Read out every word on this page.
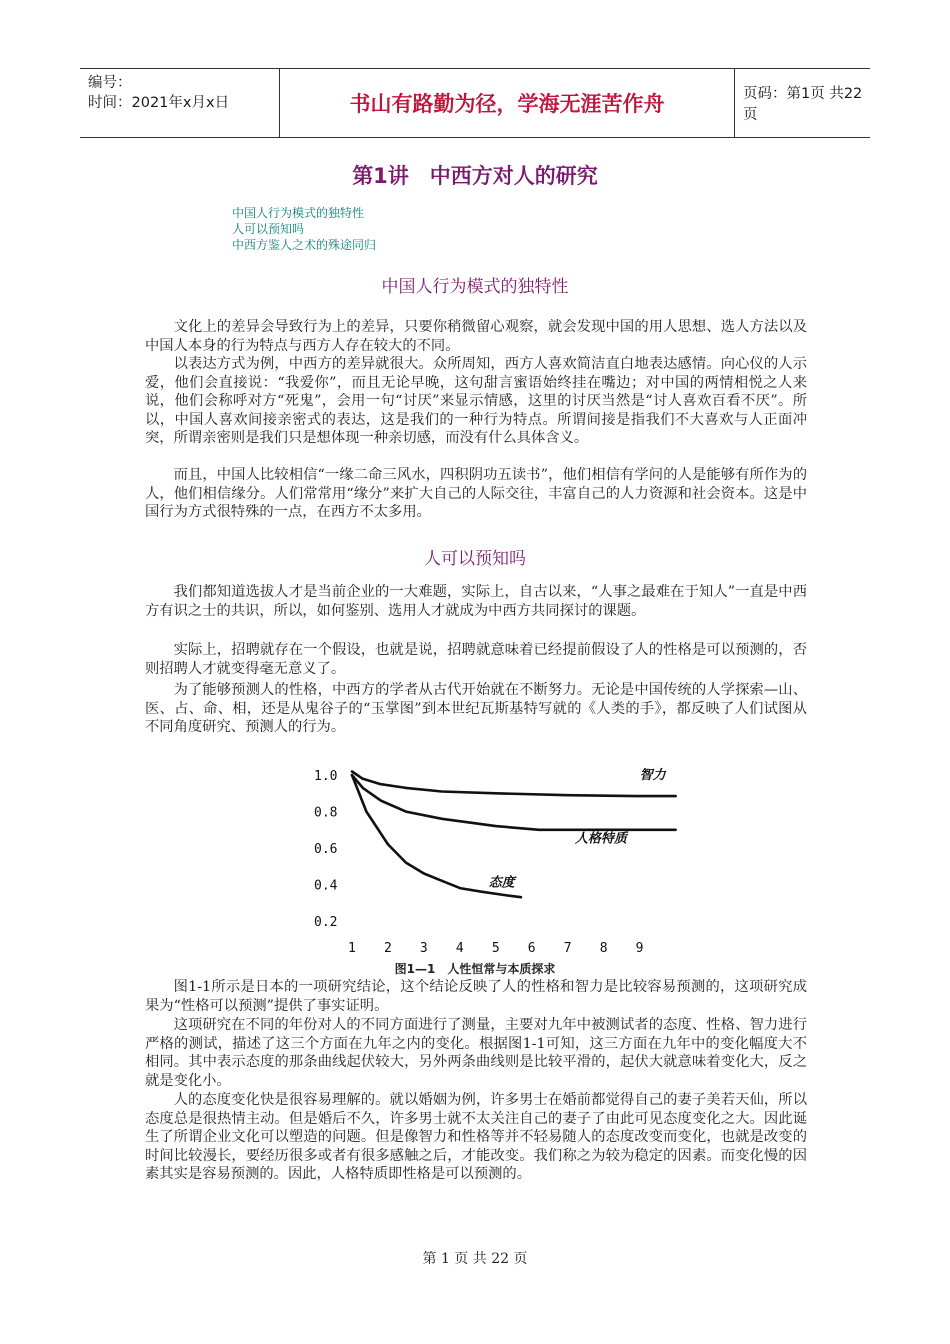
编号：
时间：2021年x月x日	书山有路勤为径，学海无涯苦作舟	页码：第1页 共22页
第1讲　中西方对人的研究
中国人行为模式的独特性
人可以预知吗
中西方鉴人之术的殊途同归
中国人行为模式的独特性
文化上的差异会导致行为上的差异，只要你稍微留心观察，就会发现中国的用人思想、选人方法以及中国人本身的行为特点与西方人存在较大的不同。
以表达方式为例，中西方的差异就很大。众所周知，西方人喜欢简洁直白地表达感情。向心仪的人示爱，他们会直接说：“我爱你”，而且无论早晚，这句甜言蜜语始终挂在嘴边；对中国的两情相悦之人来说，他们会称呼对方“死鬼”，会用一句“讨厌”来显示情感，这里的讨厌当然是“讨人喜欢百看不厌”。所以，中国人喜欢间接亲密式的表达，这是我们的一种行为特点。所谓间接是指我们不大喜欢与人正面冲突，所谓亲密则是我们只是想体现一种亲切感，而没有什么具体含义。
而且，中国人比较相信“一缘二命三风水，四积阴功五读书”，他们相信有学问的人是能够有所作为的人，他们相信缘分。人们常常用“缘分”来扩大自己的人际交往，丰富自己的人力资源和社会资本。这是中国行为方式很特殊的一点，在西方不太多用。
人可以预知吗
我们都知道选拔人才是当前企业的一大难题，实际上，自古以来，“人事之最难在于知人”一直是中西方有识之士的共识，所以，如何鉴别、选用人才就成为中西方共同探讨的课题。
实际上，招聘就存在一个假设，也就是说，招聘就意味着已经提前假设了人的性格是可以预测的，否则招聘人才就变得毫无意义了。
为了能够预测人的性格，中西方的学者从古代开始就在不断努力。无论是中国传统的人学探索—山、医、占、命、相，还是从鬼谷子的“玉掌图”到本世纪瓦斯基特写就的《人类的手》，都反映了人们试图从不同角度研究、预测人的行为。
1.0
0.8
0.6
0.4
0.2
1 2 3 4 5 6 7 8 9
智力
人格特质
态度
图1—1　人性恒常与本质探求
图1-1所示是日本的一项研究结论，这个结论反映了人的性格和智力是比较容易预测的，这项研究成果为“性格可以预测”提供了事实证明。
这项研究在不同的年份对人的不同方面进行了测量，主要对九年中被测试者的态度、性格、智力进行严格的测试，描述了这三个方面在九年之内的变化。根据图1-1可知，这三方面在九年中的变化幅度大不相同。其中表示态度的那条曲线起伏较大，另外两条曲线则是比较平滑的，起伏大就意味着变化大，反之就是变化小。
人的态度变化快是很容易理解的。就以婚姻为例，许多男士在婚前都觉得自己的妻子美若天仙，所以态度总是很热情主动。但是婚后不久，许多男士就不太关注自己的妻子了由此可见态度变化之大。因此诞生了所谓企业文化可以塑造的问题。但是像智力和性格等并不轻易随人的态度改变而变化，也就是改变的时间比较漫长，要经历很多或者有很多感触之后，才能改变。我们称之为较为稳定的因素。而变化慢的因素其实是容易预测的。因此，人格特质即性格是可以预测的。
第 1 页 共 22 页
